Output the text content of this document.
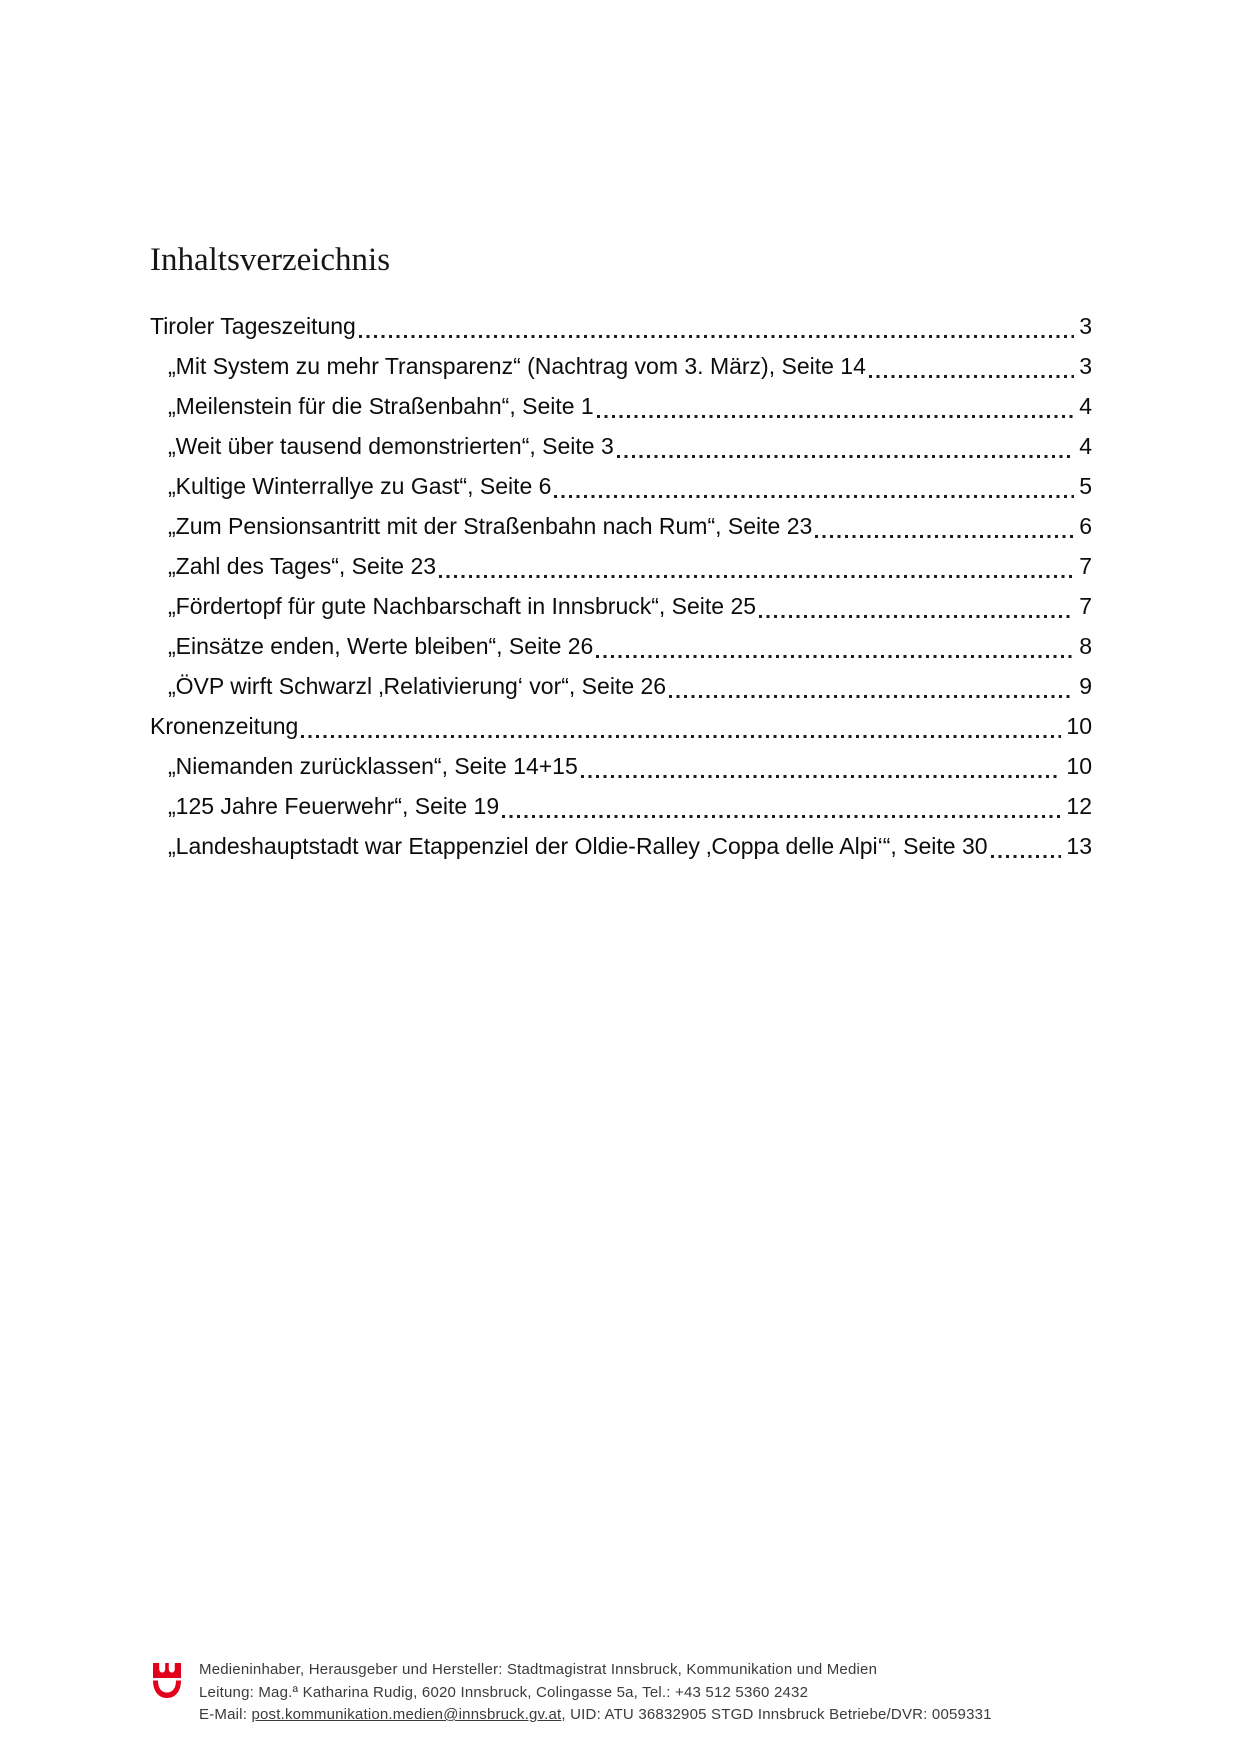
Inhaltsverzeichnis
Tiroler Tageszeitung	3
„Mit System zu mehr Transparenz“ (Nachtrag vom 3. März), Seite 14	3
„Meilenstein für die Straßenbahn“, Seite 1	4
„Weit über tausend demonstrierten“, Seite 3	4
„Kultige Winterrallye zu Gast“, Seite 6	5
„Zum Pensionsantritt mit der Straßenbahn nach Rum“, Seite 23	6
„Zahl des Tages“, Seite 23	7
„Fördertopf für gute Nachbarschaft in Innsbruck“, Seite 25	7
„Einsätze enden, Werte bleiben“, Seite 26	8
„ÖVP wirft Schwarzl ‚Relativierung‘ vor“, Seite 26	9
Kronenzeitung	10
„Niemanden zurücklassen“, Seite 14+15	10
„125 Jahre Feuerwehr“, Seite 19	12
„Landeshauptstadt war Etappenziel der Oldie-Ralley ‚Coppa delle Alpi‘“, Seite 30	13
Medieninhaber, Herausgeber und Hersteller: Stadtmagistrat Innsbruck, Kommunikation und Medien
Leitung: Mag.ª Katharina Rudig, 6020 Innsbruck, Colingasse 5a, Tel.: +43 512 5360 2432
E-Mail: post.kommunikation.medien@innsbruck.gv.at, UID: ATU 36832905 STGD Innsbruck Betriebe/DVR: 0059331
